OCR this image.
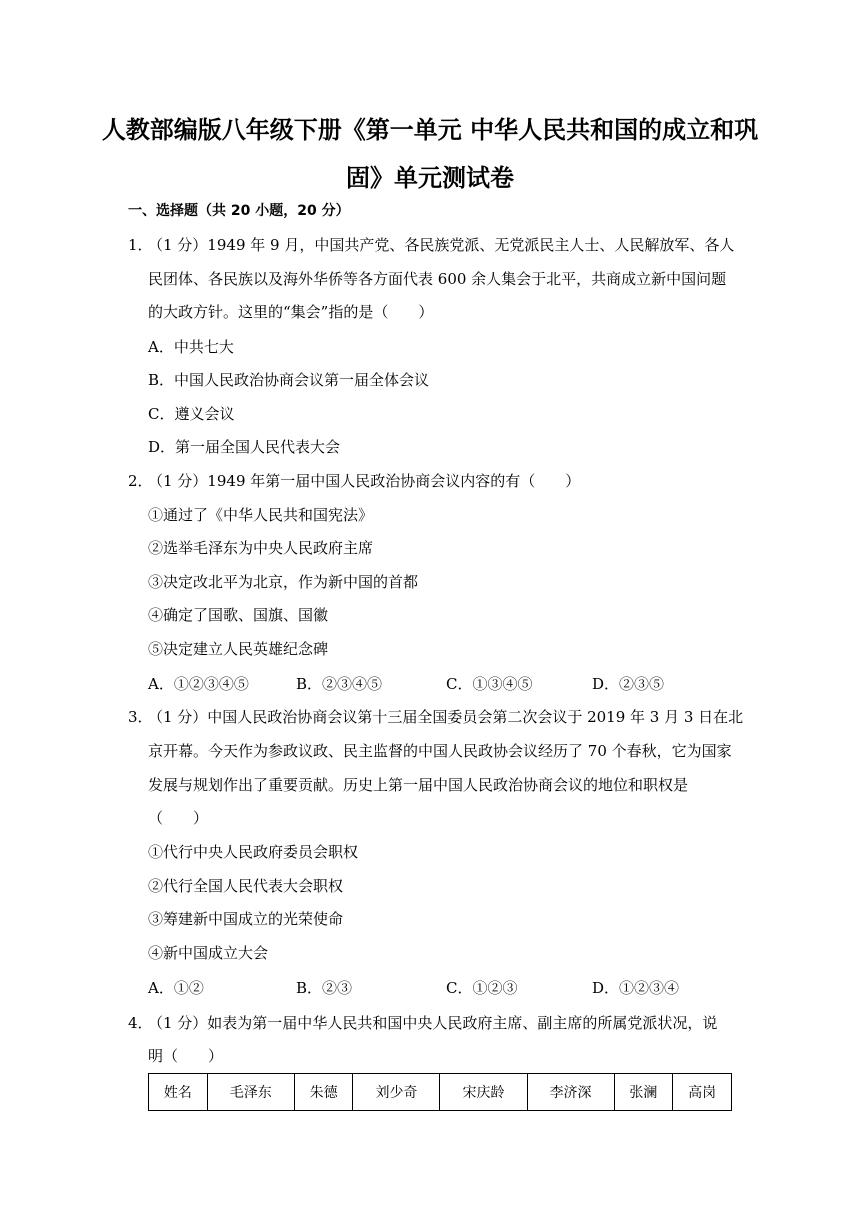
人教部编版八年级下册《第一单元 中华人民共和国的成立和巩
固》单元测试卷
一、选择题（共 20 小题，20 分）
1．
（1 分）1949 年 9 月，中国共产党、各民族党派、无党派民主人士、人民解放军、各人
民团体、各民族以及海外华侨等各方面代表 600 余人集会于北平，共商成立新中国问题
的大政方针。这里的“集会”指的是（　　）
A．中共七大
B．中国人民政治协商会议第一届全体会议
C．遵义会议
D．第一届全国人民代表大会
2．
（1 分）1949 年第一届中国人民政治协商会议内容的有（　　）
①通过了《中华人民共和国宪法》
②选举毛泽东为中央人民政府主席
③决定改北平为北京，作为新中国的首都
④确定了国歌、国旗、国徽
⑤决定建立人民英雄纪念碑
A．①②③④⑤	B．②③④⑤	C．①③④⑤	D．②③⑤
3．
（1 分）中国人民政治协商会议第十三届全国委员会第二次会议于 2019 年 3 月 3 日在北
京开幕。今天作为参政议政、民主监督的中国人民政协会议经历了 70 个春秋，它为国家
发展与规划作出了重要贡献。历史上第一届中国人民政治协商会议的地位和职权是
（　　）
①代行中央人民政府委员会职权
②代行全国人民代表大会职权
③筹建新中国成立的光荣使命
④新中国成立大会
A．①②	B．②③	C．①②③	D．①②③④
4．
（1 分）如表为第一届中华人民共和国中央人民政府主席、副主席的所属党派状况，说
明（　　）
姓名	毛泽东	朱德	刘少奇	宋庆龄	李济深	张澜	高岗
